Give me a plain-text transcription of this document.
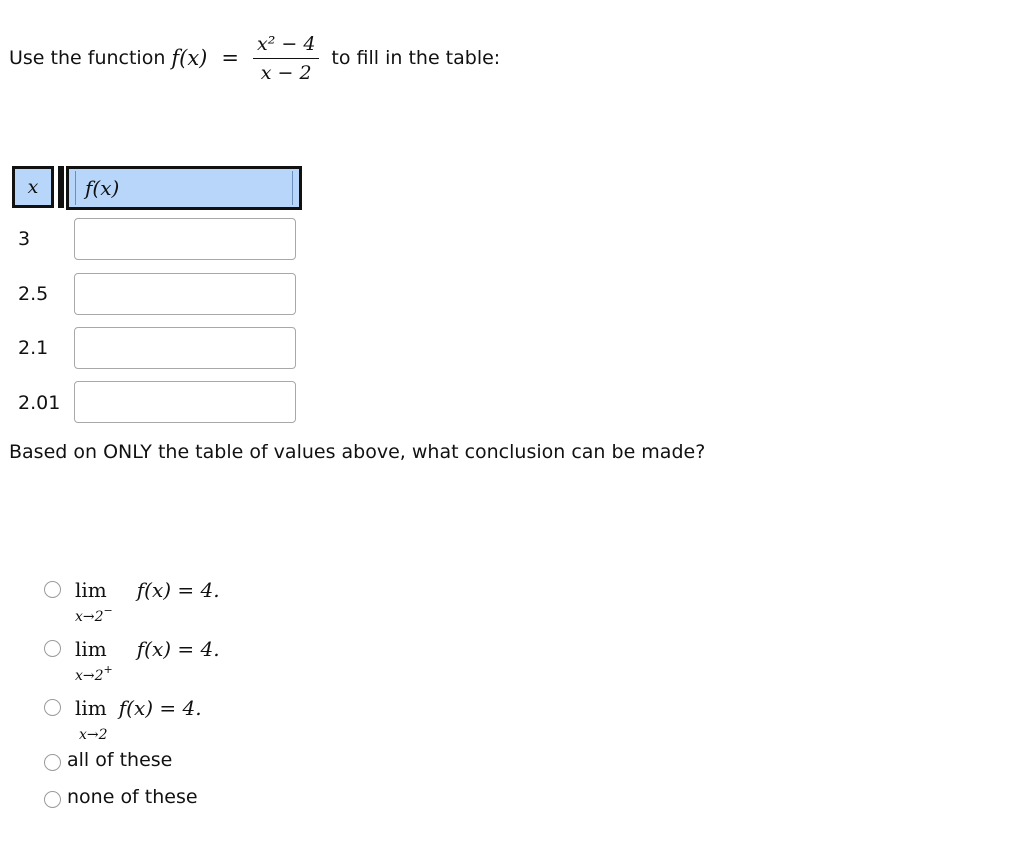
Use the function $f(x) = \frac{\text{x² − 4}}{x - 2}$ to fill in the table:
x f(x)
3
2.5
2.1
2.01
Based on ONLY the table of values above, what conclusion can be made?
lim
x→2−
f(x) = 4.
lim
x→2+
f(x) = 4.
lim
x→2
f(x) = 4.
all of these
none of these
